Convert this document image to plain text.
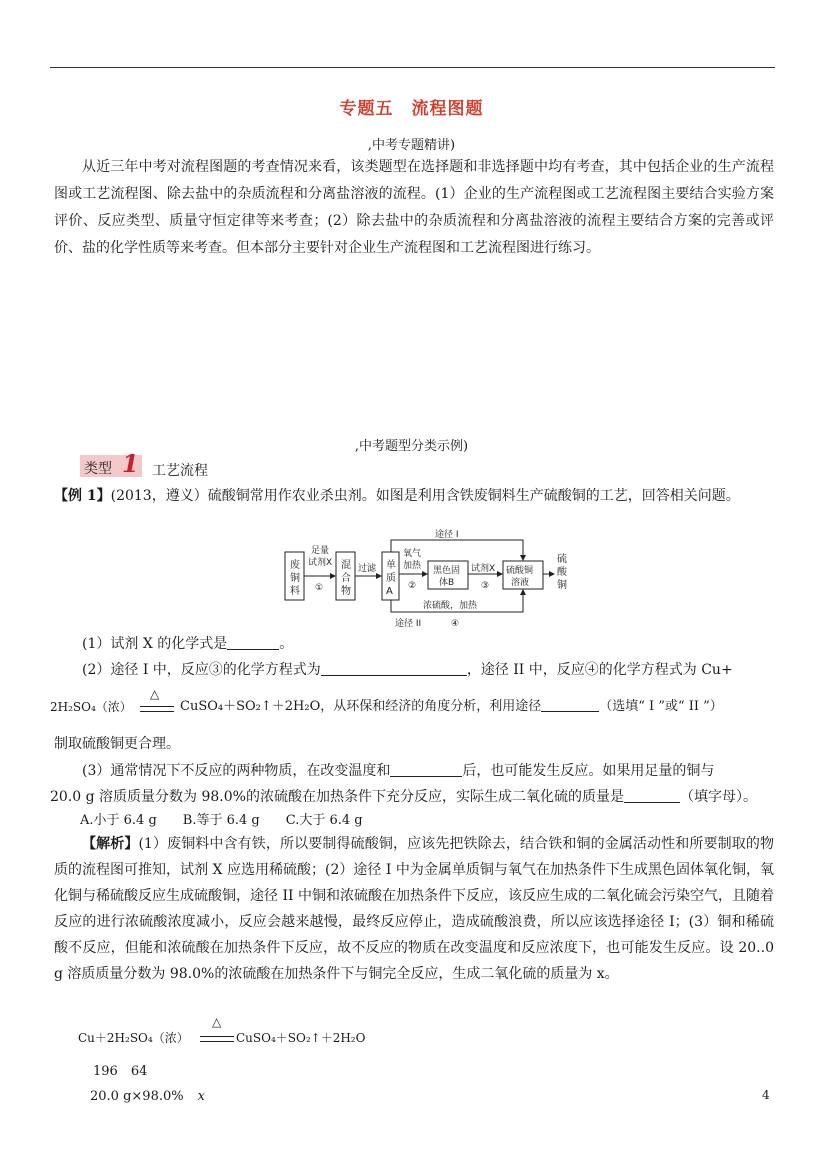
专题五　流程图题
,中考专题精讲)
从近三年中考对流程图题的考查情况来看，该类题型在选择题和非选择题中均有考查，其中包括企业的生产流程图或工艺流程图、除去盐中的杂质流程和分离盐溶液的流程。(1）企业的生产流程图或工艺流程图主要结合实验方案评价、反应类型、质量守恒定律等来考查；(2）除去盐中的杂质流程和分离盐溶液的流程主要结合方案的完善或评价、盐的化学性质等来考查。但本部分主要针对企业生产流程图和工艺流程图进行练习。
,中考题型分类示例)
类型 1 工艺流程
【例 1】(2013，遵义）硫酸铜常用作农业杀虫剂。如图是利用含铁废铜料生产硫酸铜的工艺，回答相关问题。
废
铜
料
足量
试剂X
①
混
合
物
过滤 单
质
A
氧气
加热
②
黑色固
体B
试剂X
③
硫酸铜
溶液
硫
酸
铜
途径 I
浓硫酸，加热
途径 II	④
(1）试剂 X 的化学式是	。
(2）途径 I 中，反应③的化学方程式为	，途径 II 中，反应④的化学方程式为 Cu+
2H₂SO₄（浓）
△
CuSO₄＋SO₂↑＋2H₂O，从环保和经济的角度分析，利用途径	（选填“ I ”或“ II ”）
制取硫酸铜更合理。
(3）通常情况下不反应的两种物质，在改变温度和	后，也可能发生反应。如果用足量的铜与
20.0 g 溶质质量分数为 98.0%的浓硫酸在加热条件下充分反应，实际生成二氧化硫的质量是	（填字母）。
A.小于 6.4 g　　B.等于 6.4 g　　C.大于 6.4 g
【解析】(1）废铜料中含有铁，所以要制得硫酸铜，应该先把铁除去，结合铁和铜的金属活动性和所要制取的物质的流程图可推知，试剂 X 应选用稀硫酸；(2）途径 I 中为金属单质铜与氧气在加热条件下生成黑色固体氧化铜，氧化铜与稀硫酸反应生成硫酸铜，途径 II 中铜和浓硫酸在加热条件下反应，该反应生成的二氧化硫会污染空气，且随着反应的进行浓硫酸浓度减小，反应会越来越慢，最终反应停止，造成硫酸浪费，所以应该选择途径 I；(3）铜和稀硫酸不反应，但能和浓硫酸在加热条件下反应，故不反应的物质在改变温度和反应浓度下，也可能发生反应。设 20..0 g 溶质质量分数为 98.0%的浓硫酸在加热条件下与铜完全反应，生成二氧化硫的质量为 x。
Cu＋2H₂SO₄（浓）
△
CuSO₄＋SO₂↑＋2H₂O
196　64
20.0 g×98.0% x	4
